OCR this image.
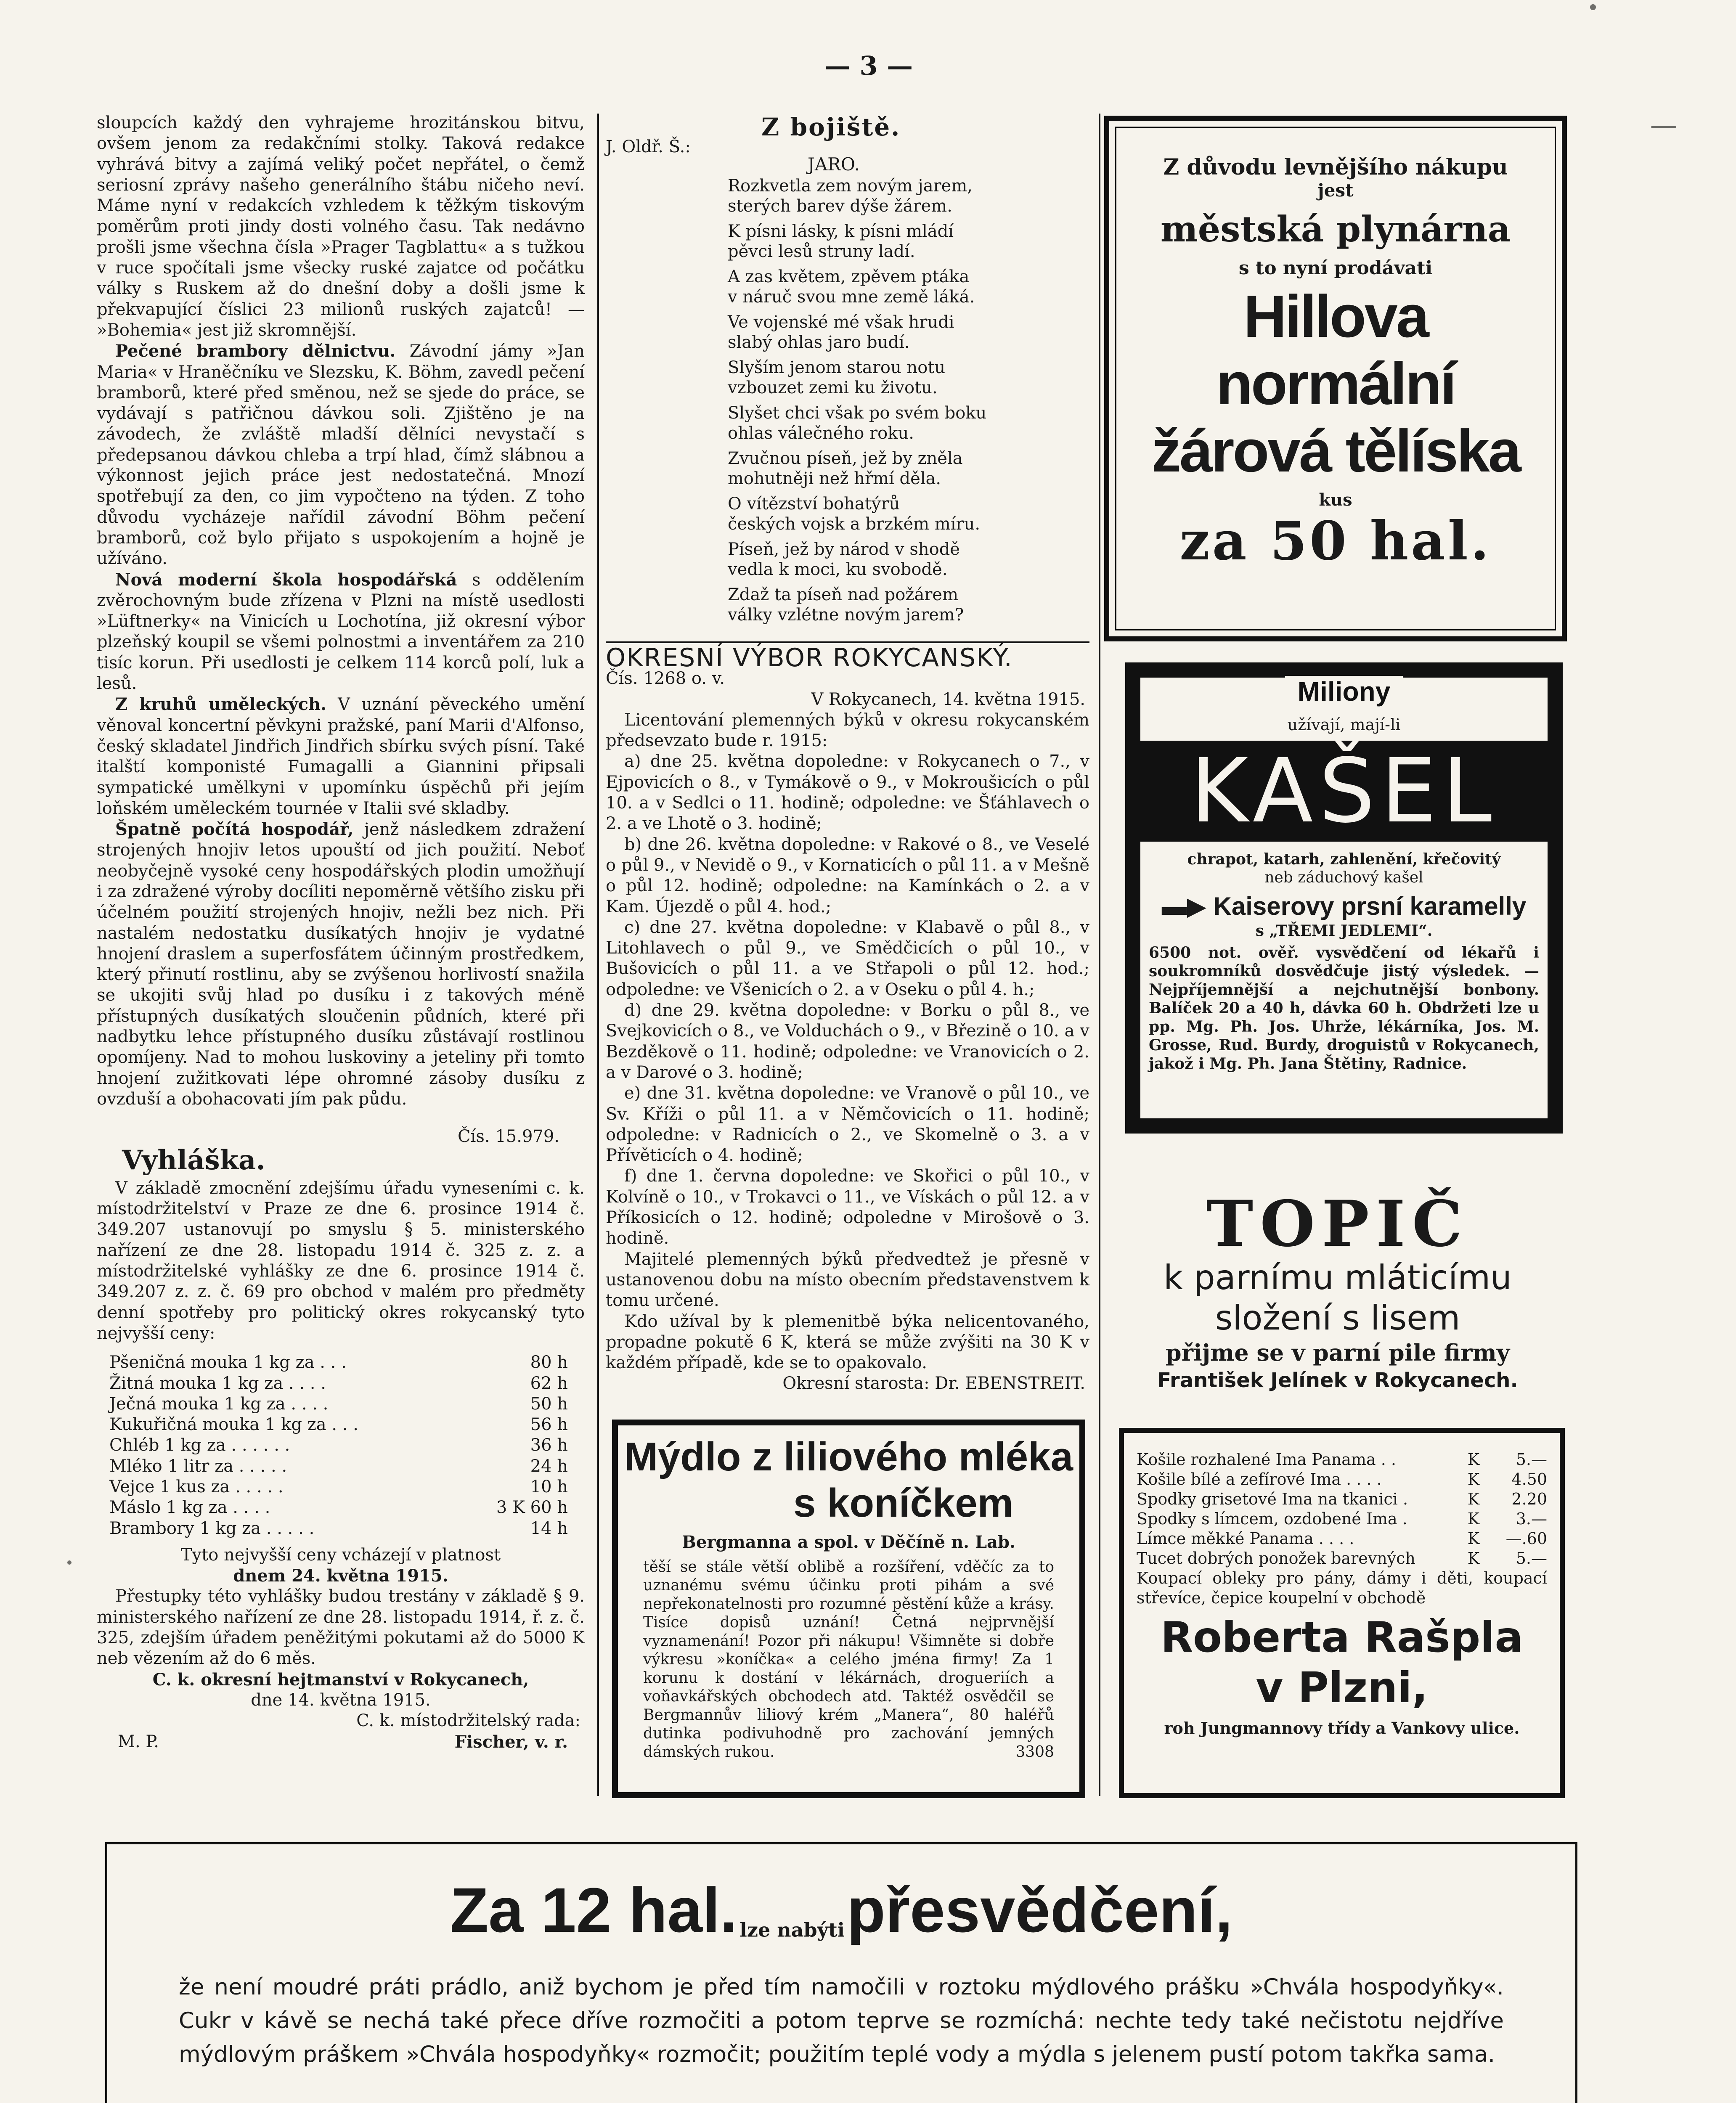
— 3 —

sloupcích každý den vyhrajeme hrozitánskou bitvu, ovšem jenom za redakčními stolky. Taková redakce vyhrává bitvy a zajímá veliký počet nepřátel, o čemž seriosní zprávy našeho generálního štábu ničeho neví. Máme nyní v redakcích vzhledem k těžkým tiskovým poměrům proti jindy dosti volného času. Tak nedávno prošli jsme všechna čísla »Prager Tagblattu« a s tužkou v ruce spočítali jsme všecky ruské zajatce od počátku války s Ruskem až do dnešní doby a došli jsme k překvapující číslici 23 milionů ruských zajatců! — »Bohemia« jest již skromnější.

Pečené brambory dělnictvu. Závodní jámy »Jan Maria« v Hraněčníku ve Slezsku, K. Böhm, zavedl pečení bramborů, které před směnou, než se sjede do práce, se vydávají s patřičnou dávkou soli. Zjištěno je na závodech, že zvláště mladší dělníci nevystačí s předepsanou dávkou chleba a trpí hlad, čímž slábnou a výkonnost jejich práce jest nedostatečná. Mnozí spotřebují za den, co jim vypočteno na týden. Z toho důvodu vycházeje nařídil závodní Böhm pečení bramborů, což bylo přijato s uspokojením a hojně je užíváno.

Nová moderní škola hospodářská s oddělením zvěrochovným bude zřízena v Plzni na místě usedlosti »Lüftnerky« na Vinicích u Lochotína, již okresní výbor plzeňský koupil se všemi polnostmi a inventářem za 210 tisíc korun. Při usedlosti je celkem 114 korců polí, luk a lesů.

Z kruhů uměleckých. V uznání pěveckého umění věnoval koncertní pěvkyni pražské, paní Marii d'Alfonso, český skladatel Jindřich Jindřich sbírku svých písní. Také italští komponisté Fumagalli a Giannini připsali sympatické umělkyni v upomínku úspěchů při jejím loňském uměleckém tournée v Italii své skladby.

Špatně počítá hospodář, jenž následkem zdražení strojených hnojiv letos upouští od jich použití. Neboť neobyčejně vysoké ceny hospodářských plodin umožňují i za zdražené výroby docíliti nepoměrně většího zisku při účelném použití strojených hnojiv, nežli bez nich. Při nastalém nedostatku dusíkatých hnojiv je vydatné hnojení draslem a superfosfátem účinným prostředkem, který přinutí rostlinu, aby se zvýšenou horlivostí snažila se ukojiti svůj hlad po dusíku i z takových méně přístupných dusíkatých sloučenin půdních, které při nadbytku lehce přístupného dusíku zůstávají rostlinou opomíjeny. Nad to mohou luskoviny a jeteliny při tomto hnojení zužitkovati lépe ohromné zásoby dusíku z ovzduší a obohacovati jím pak půdu.

Čís. 15.979.
Vyhláška.

V základě zmocnění zdejšímu úřadu vyneseními c. k. místodržitelství v Praze ze dne 6. prosince 1914 č. 349.207 ustanovují po smyslu § 5. ministerského nařízení ze dne 28. listopadu 1914 č. 325 z. z. a místodržitelské vyhlášky ze dne 6. prosince 1914 č. 349.207 z. z. č. 69 pro obchod v malém pro předměty denní spotřeby pro politický okres rokycanský tyto nejvyšší ceny:

Pšeničná mouka 1 kg za . . .	80 h
Žitná mouka 1 kg za . . . .	62 h
Ječná mouka 1 kg za . . . .	50 h
Kukuřičná mouka 1 kg za . . .	56 h
Chléb 1 kg za . . . . . .	36 h
Mléko 1 litr za . . . . .	24 h
Vejce 1 kus za . . . . .	10 h
Máslo 1 kg za . . . .	3 K 60 h
Brambory 1 kg za . . . . .	14 h
Tyto nejvyšší ceny vcházejí v platnost
dnem 24. května 1915.

Přestupky této vyhlášky budou trestány v základě § 9. ministerského nařízení ze dne 28. listopadu 1914, ř. z. č. 325, zdejším úřadem peněžitými pokutami až do 5000 K neb vězením až do 6 měs.

C. k. okresní hejtmanství v Rokycanech,
dne 14. května 1915.
C. k. místodržitelský rada:
M. P.	Fischer, v. r.
J. Oldř. Š.:
Z bojiště.
JARO.
Rozkvetla zem novým jarem,
sterých barev dýše žárem.
K písni lásky, k písni mládí
pěvci lesů struny ladí.
A zas květem, zpěvem ptáka
v náruč svou mne země láká.
Ve vojenské mé však hrudi
slabý ohlas jaro budí.
Slyším jenom starou notu
vzbouzet zemi ku životu.
Slyšet chci však po svém boku
ohlas válečného roku.
Zvučnou píseň, jež by zněla
mohutněji než hřmí děla.
O vítězství bohatýrů
českých vojsk a brzkém míru.
Píseň, jež by národ v shodě
vedla k moci, ku svobodě.
Zdaž ta píseň nad požárem
války vzlétne novým jarem?
OKRESNÍ VÝBOR ROKYCANSKÝ.
Čís. 1268 o. v.
V Rokycanech, 14. května 1915.

Licentování plemenných býků v okresu rokycanském předsevzato bude r. 1915:

a) dne 25. května dopoledne: v Rokycanech o 7., v Ejpovicích o 8., v Tymákově o 9., v Mokroušicích o půl 10. a v Sedlci o 11. hodině; odpoledne: ve Šťáhlavech o 2. a ve Lhotě o 3. hodině;

b) dne 26. května dopoledne: v Rakové o 8., ve Veselé o půl 9., v Nevidě o 9., v Kornaticích o půl 11. a v Mešně o půl 12. hodině; odpoledne: na Kamínkách o 2. a v Kam. Újezdě o půl 4. hod.;

c) dne 27. května dopoledne: v Klabavě o půl 8., v Litohlavech o půl 9., ve Smědčicích o půl 10., v Bušovicích o půl 11. a ve Střapoli o půl 12. hod.; odpoledne: ve Všenicích o 2. a v Oseku o půl 4. h.;

d) dne 29. května dopoledne: v Borku o půl 8., ve Svejkovicích o 8., ve Volduchách o 9., v Březině o 10. a v Bezděkově o 11. hodině; odpoledne: ve Vranovicích o 2. a v Darové o 3. hodině;

e) dne 31. května dopoledne: ve Vranově o půl 10., ve Sv. Kříži o půl 11. a v Němčovicích o 11. hodině; odpoledne: v Radnicích o 2., ve Skomelně o 3. a v Přívěticích o 4. hodině;

f) dne 1. června dopoledne: ve Skořici o půl 10., v Kolvíně o 10., v Trokavci o 11., ve Vískách o půl 12. a v Příkosicích o 12. hodině; odpoledne v Mirošově o 3. hodině.

Majitelé plemenných býků předvedtež je přesně v ustanovenou dobu na místo obecním představenstvem k tomu určené.

Kdo užíval by k plemenitbě býka nelicentovaného, propadne pokutě 6 K, která se může zvýšiti na 30 K v každém případě, kde se to opakovalo.

Okresní starosta: Dr. EBENSTREIT.
Mýdlo z liliového mléka
s koníčkem
Bergmanna a spol. v Děčíně n. Lab.
těší se stále větší oblibě a rozšíření, vděčíc za to uznanému svému účinku proti pihám a své nepřekonatelnosti pro rozumné pěstění kůže a krásy. Tisíce dopisů uznání! Četná nejprvnější vyznamenání! Pozor při nákupu! Všimněte si dobře výkresu »koníčka« a celého jména firmy! Za 1 korunu k dostání v lékárnách, drogueriích a voňavkářských obchodech atd. Taktéž osvědčil se Bergmannův liliový krém „Manera“, 80 haléřů dutinka podivuhodně pro zachování jemných dámských rukou.	3308
Z důvodu levnějšího nákupu
jest
městská plynárna
s to nyní prodávati
Hillova normální
žárová tělíska
kus
za 50 hal.
Miliony
užívají, mají-li
KAŠEL
chrapot, katarh, zahlenění, křečovitý
neb záduchový kašel
▬▶ Kaiserovy prsní karamelly
s „TŘEMI JEDLEMI“.
6500 not. ověř. vysvědčení od lékařů i soukromníků dosvědčuje jistý výsledek. — Nejpříjemnější a nejchutnější bonbony. Balíček 20 a 40 h, dávka 60 h. Obdržeti lze u pp. Mg. Ph. Jos. Uhrže, lékárníka, Jos. M. Grosse, Rud. Burdy, droguistů v Rokycanech, jakož i Mg. Ph. Jana Štětiny, Radnice.
TOPIČ
k parnímu mláticímu
složení s lisem
přijme se v parní pile firmy
František Jelínek v Rokycanech.
Košile rozhalené Ima Panama . .	K	5.—
Košile bílé a zefírové Ima . . . .	K	4.50
Spodky grisetové Ima na tkanici .	K	2.20
Spodky s límcem, ozdobené Ima .	K	3.—
Límce měkké Panama . . . .	K	—.60
Tucet dobrých ponožek barevných	K	5.—
Koupací obleky pro pány, dámy i děti, koupací střevíce, čepice koupelní v obchodě
Roberta Rašpla
v Plzni,
roh Jungmannovy třídy a Vankovy ulice.
Za 12 hal. lze nabýti přesvědčení,
že není moudré práti prádlo, aniž bychom je před tím namočili v roztoku mýdlového prášku »Chvála hospodyňky«. Cukr v kávě se nechá také přece dříve rozmočiti a potom teprve se rozmíchá: nechte tedy také nečistotu nejdříve mýdlovým práškem »Chvála hospodyňky« rozmočit; použitím teplé vody a mýdla s jelenem pustí potom takřka sama.
